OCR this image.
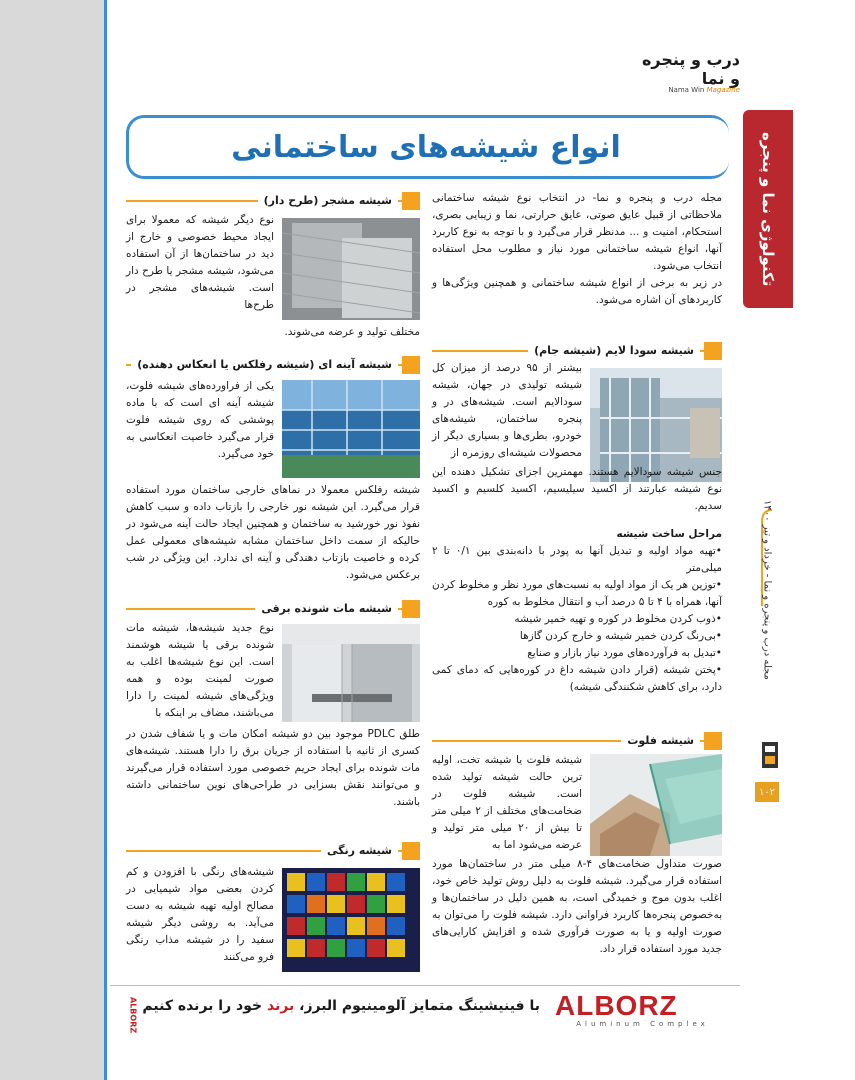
درب و پنجره و نما
Nama Win Magazine
تکنولوژی نما و پنجره
انواع شیشه‌های ساختمانی
مجله درب و پنجره و نما - خرداد و تیر ۱۴۰۰
۱۰۲
مجله درب و پنجره و نما- در انتخاب نوع شیشه ساختمانی ملاحظاتی از قبیل عایق صوتی، عایق حرارتی، نما و زیبایی بصری، استحکام، امنیت و ... مدنظر قرار می‌گیرد و با توجه به نوع کاربرد آنها، انواع شیشه ساختمانی مورد نیاز و مطلوب محل استفاده انتخاب می‌شود.
در زیر به برخی از انواع شیشه ساختمانی و همچنین ویژگی‌ها و کاربردهای آن اشاره می‌شود.
شیشه سودا لایم (شیشه جام)
بیشتر از ۹۵ درصد از میزان کل شیشه تولیدی در جهان، شیشه سودالایم است. شیشه‌های در و پنجره ساختمان، شیشه‌های خودرو، بطری‌ها و بسیاری دیگر از محصولات شیشه‌ای روزمره از
جنس شیشه سودالایم هستند. مهمترین اجزای تشکیل دهنده این نوع شیشه عبارتند از اکسید سیلیسیم، اکسید کلسیم و اکسید سدیم.
مراحل ساخت شیشه
•تهیه مواد اولیه و تبدیل آنها به پودر با دانه‌بندی بین ۰/۱ تا ۲ میلی‌متر
•توزین هر یک از مواد اولیه به نسبت‌های مورد نظر و مخلوط کردن آنها، همراه با ۴ تا ۵ درصد آب و انتقال مخلوط به کوره
•ذوب کردن مخلوط در کوره و تهیه خمیر شیشه
•بی‌رنگ کردن خمیر شیشه و خارج کردن گازها
•تبدیل به فرآورده‌های مورد نیاز بازار و صنایع
•پختن شیشه (قرار دادن شیشه داغ در کوره‌هایی که دمای کمی دارد، برای کاهش شکنندگی شیشه)
شیشه فلوت
شیشه فلوت یا شیشه تخت، اولیه ترین حالت شیشه تولید شده است. شیشه فلوت در ضخامت‌های مختلف از ۲ میلی متر تا بیش از ۲۰ میلی متر تولید و عرضه می‌شود اما به
صورت متداول ضخامت‌های ۴-۸ میلی متر در ساختمان‌ها مورد استفاده قرار می‌گیرد. شیشه فلوت به دلیل روش تولید خاص خود، اغلب بدون موج و خمیدگی است، به همین دلیل در ساختمان‌ها و به‌خصوص پنجره‌ها کاربرد فراوانی دارد. شیشه فلوت را می‌توان به صورت اولیه و یا به صورت فرآوری شده و افزایش کارایی‌های جدید مورد استفاده قرار داد.
شیشه مشجر (طرح دار)
نوع دیگر شیشه که معمولا برای ایجاد محیط خصوصی و خارج از دید در ساختمان‌ها از آن استفاده می‌شود، شیشه مشجر یا طرح دار است. شیشه‌های مشجر در طرح‌ها
مختلف تولید و عرضه می‌شوند.
شیشه آینه ای (شیشه رفلکس یا انعکاس دهنده)
یکی از فراورده‌های شیشه فلوت، شیشه آینه ای است که با ماده پوششی که روی شیشه فلوت قرار می‌گیرد خاصیت انعکاسی به خود می‌گیرد.
شیشه رفلکس معمولا در نماهای خارجی ساختمان مورد استفاده قرار می‌گیرد. این شیشه نور خارجی را بازتاب داده و سبب کاهش نفوذ نور خورشید به ساختمان و همچنین ایجاد حالت آینه می‌شود در حالیکه از سمت داخل ساختمان مشابه شیشه‌های معمولی عمل کرده و خاصیت بازتاب دهندگی و آینه ای ندارد. این ویژگی در شب برعکس می‌شود.
شیشه مات شونده برقی
نوع جدید شیشه‌ها، شیشه مات شونده برقی یا شیشه هوشمند است. این نوع شیشه‌ها اغلب به صورت لمینت بوده و همه ویژگی‌های شیشه لمینت را دارا می‌باشند، مضاف بر اینکه با
طلق PDLC موجود بین دو شیشه امکان مات و یا شفاف شدن در کسری از ثانیه با استفاده از جریان برق را دارا هستند. شیشه‌های مات شونده برای ایجاد حریم خصوصی مورد استفاده قرار می‌گیرند و می‌توانند نقش بسزایی در طراحی‌های نوین ساختمانی داشته باشند.
شیشه رنگی
شیشه‌های رنگی با افزودن و کم کردن بعضی مواد شیمیایی در مصالح اولیه تهیه شیشه به دست می‌آید. به روشی دیگر شیشه سفید را در شیشه مذاب رنگی فرو می‌کنند
ALBORZ	با فینیشینگ متمایز آلومینیوم البرز، برند خود را برنده کنیم	ALBORZ
Aluminum Complex
